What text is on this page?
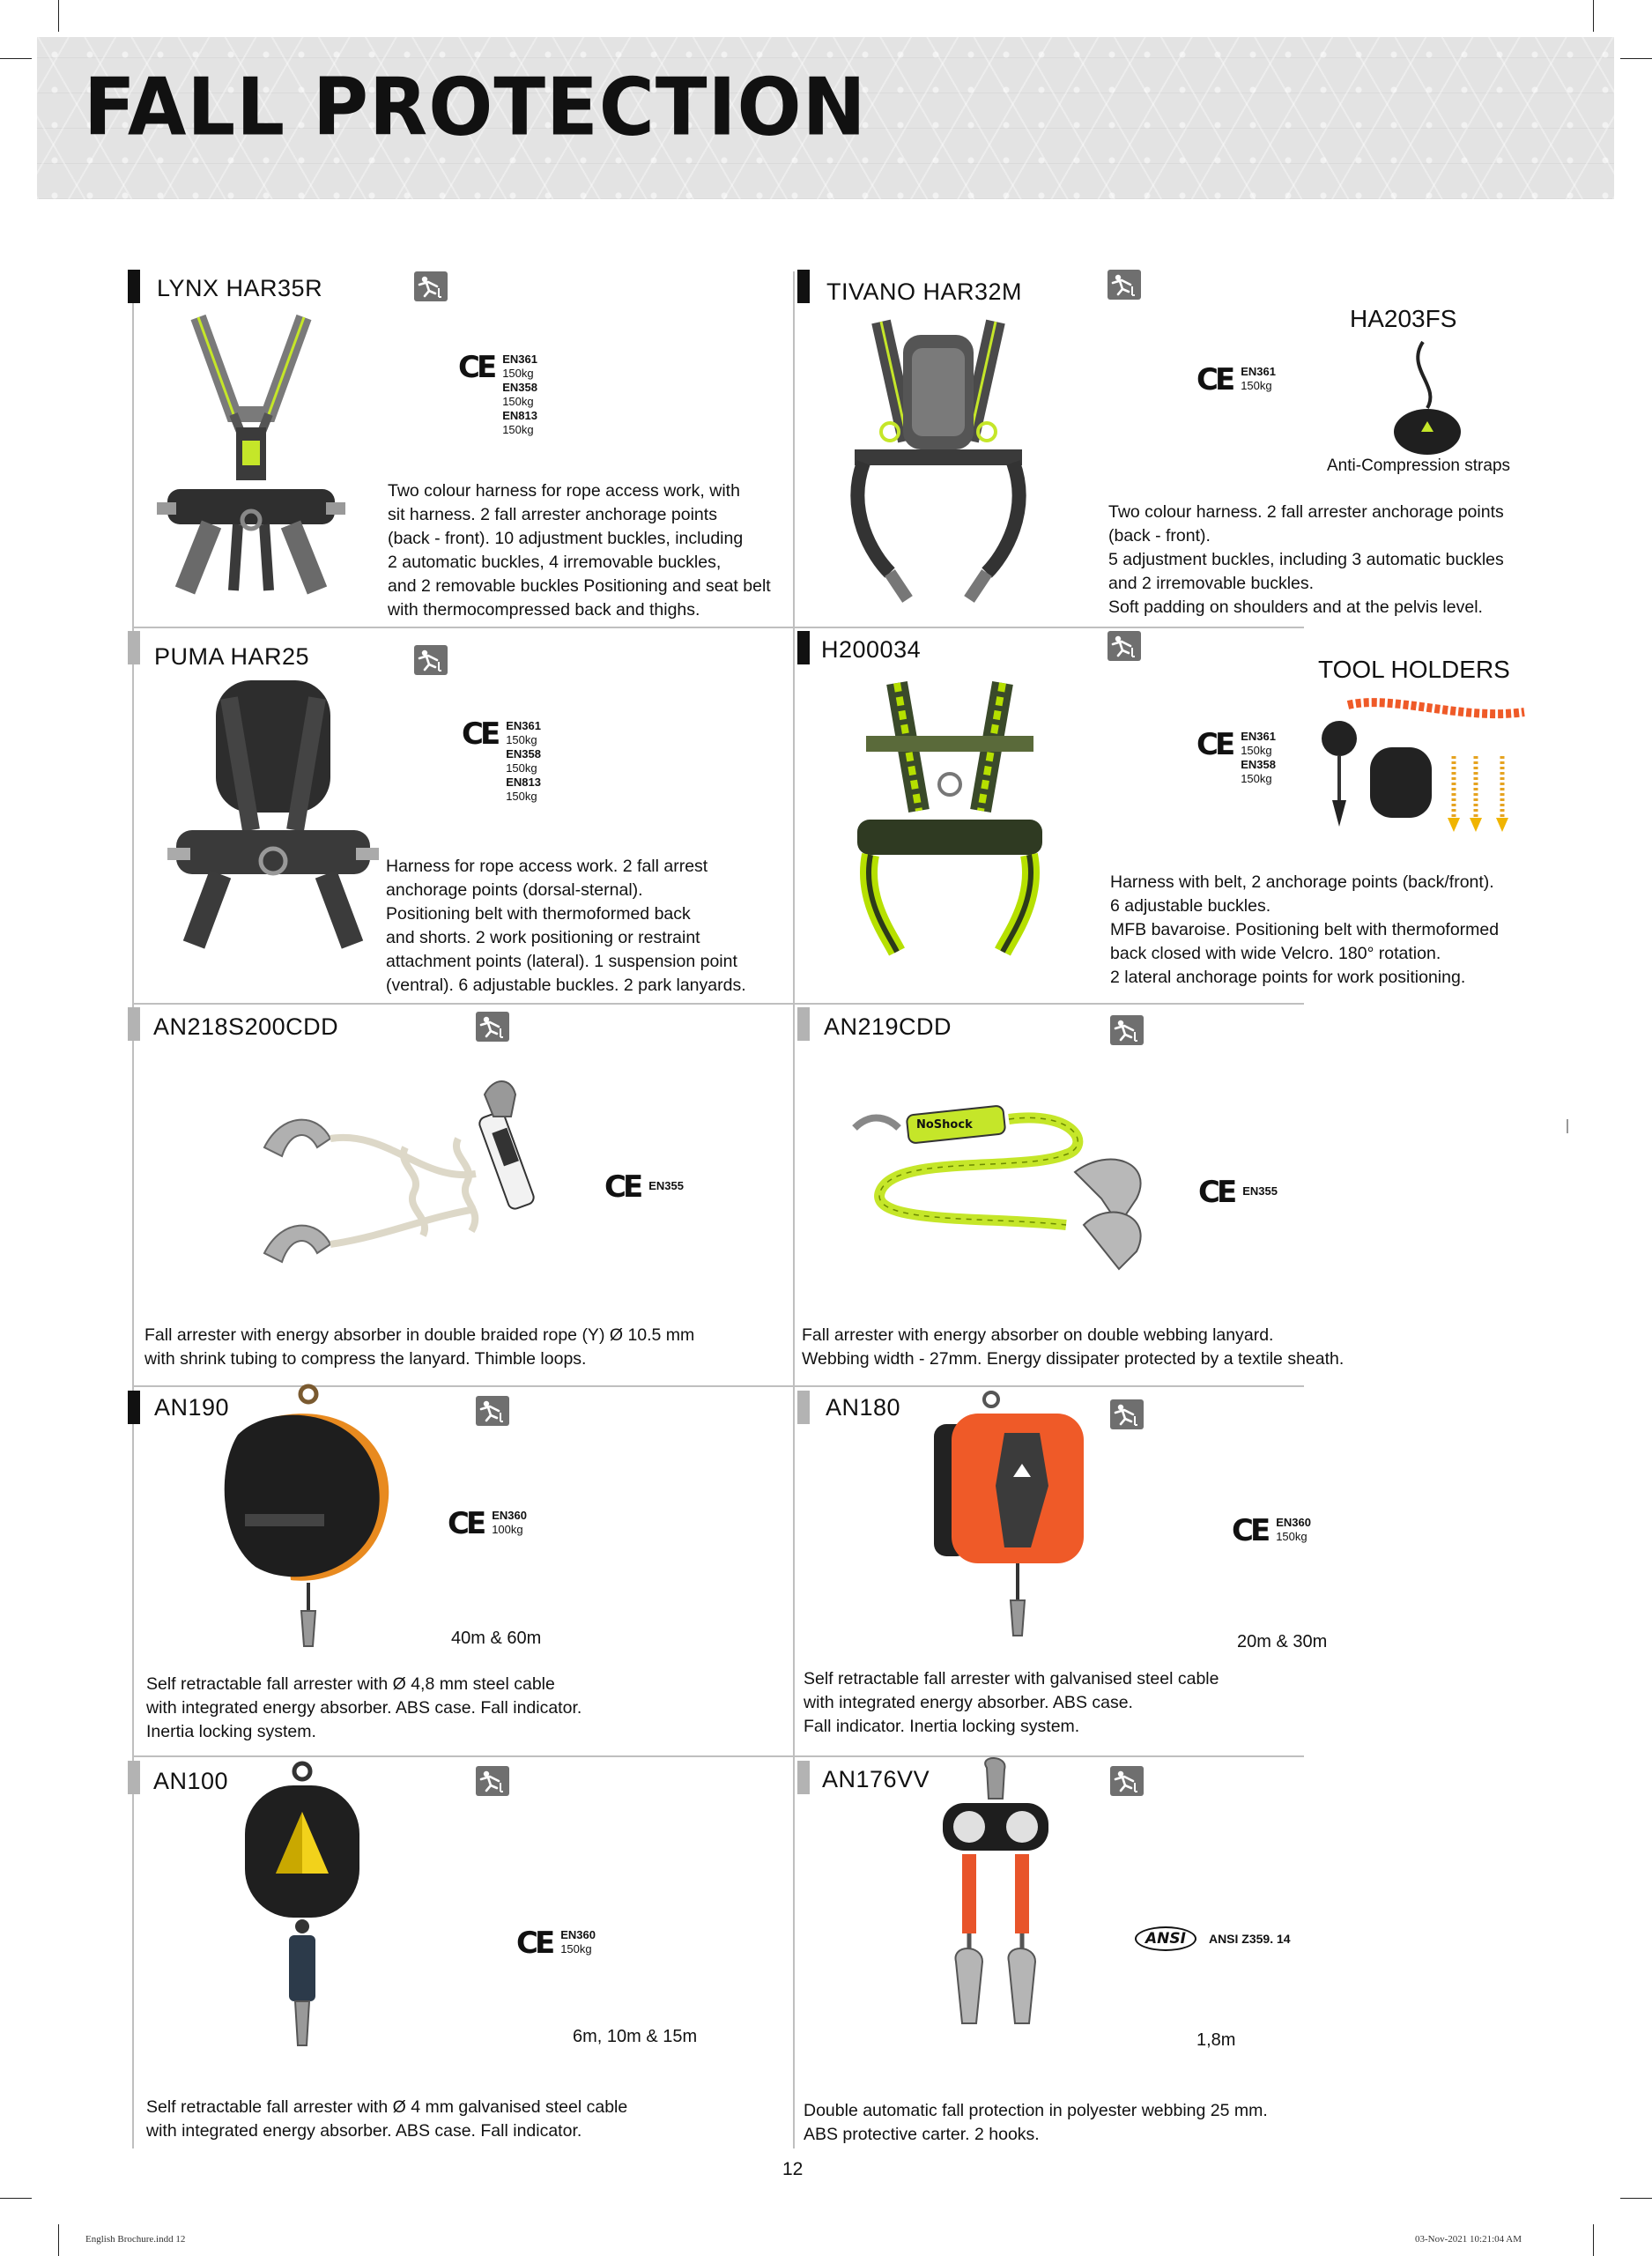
FALL PROTECTION
LYNX HAR35R
CE EN361
150kg
EN358
150kg
EN813
150kg
Two colour harness for rope access work, with
sit harness. 2 fall arrester anchorage points
(back - front). 10 adjustment buckles, including
2 automatic buckles, 4 irremovable buckles,
and 2 removable buckles Positioning and seat belt
with thermocompressed back and thighs.
TIVANO HAR32M
CE EN361
150kg
Two colour harness. 2 fall arrester anchorage points
(back - front).
5 adjustment buckles, including 3 automatic buckles
and 2 irremovable buckles.
Soft padding on shoulders and at the pelvis level.
HA203FS
Anti-Compression straps
PUMA HAR25
CE EN361
150kg
EN358
150kg
EN813
150kg
Harness for rope access work. 2 fall arrest
anchorage points (dorsal-sternal).
Positioning belt with thermoformed back
and shorts. 2 work positioning or restraint
attachment points (lateral). 1 suspension point
(ventral). 6 adjustable buckles. 2 park lanyards.
H200034
CE EN361
150kg
EN358
150kg
Harness with belt, 2 anchorage points (back/front).
6 adjustable buckles.
MFB bavaroise. Positioning belt with thermoformed
back closed with wide Velcro. 180° rotation.
2 lateral anchorage points for work positioning.
TOOL HOLDERS
AN218S200CDD
CE EN355
Fall arrester with energy absorber in double braided rope (Y) Ø 10.5 mm
with shrink tubing to compress the lanyard. Thimble loops.
AN219CDD
CE EN355
Fall arrester with energy absorber on double webbing lanyard.
Webbing width - 27mm. Energy dissipater protected by a textile sheath.
NoShock
AN190
CE EN360
100kg
40m & 60m
Self retractable fall arrester with Ø 4,8 mm steel cable
with integrated energy absorber. ABS case. Fall indicator.
Inertia locking system.
AN180
CE EN360
150kg
20m & 30m
Self retractable fall arrester with galvanised steel cable
with integrated energy absorber. ABS case.
Fall indicator. Inertia locking system.
AN100
CE EN360
150kg
6m, 10m & 15m
Self retractable fall arrester with Ø 4 mm galvanised steel cable
with integrated energy absorber. ABS case. Fall indicator.
AN176VV
ANSI	ANSI Z359. 14
1,8m
Double automatic fall protection in polyester webbing 25 mm.
ABS protective carter. 2 hooks.
12
English Brochure.indd 12	03-Nov-2021 10:21:04 AM
